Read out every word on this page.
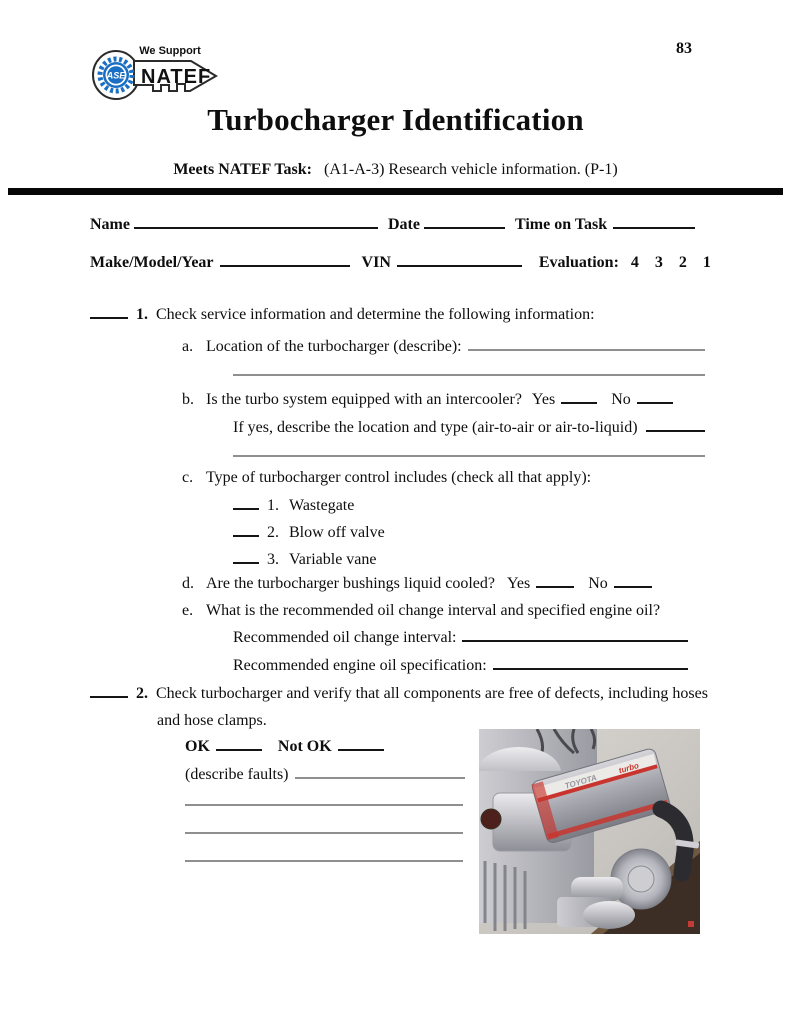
We Support
ASE NATEF
83
Turbocharger Identification
Meets NATEF Task: (A1-A-3) Research vehicle information. (P-1)
Name	Date	Time on Task
Make/Model/Year	VIN	Evaluation: 4 3 2 1
1. Check service information and determine the following information:
a. Location of the turbocharger (describe):
b. Is the turbo system equipped with an intercooler? Yes	No
If yes, describe the location and type (air-to-air or air-to-liquid)
c. Type of turbocharger control includes (check all that apply):
1. Wastegate
2. Blow off valve
3. Variable vane
d. Are the turbocharger bushings liquid cooled? Yes	No
e. What is the recommended oil change interval and specified engine oil?
Recommended oil change interval:
Recommended engine oil specification:
2. Check turbocharger and verify that all components are free of defects, including hoses
and hose clamps.
OK	Not OK
(describe faults)	TOYOTA
turbo
